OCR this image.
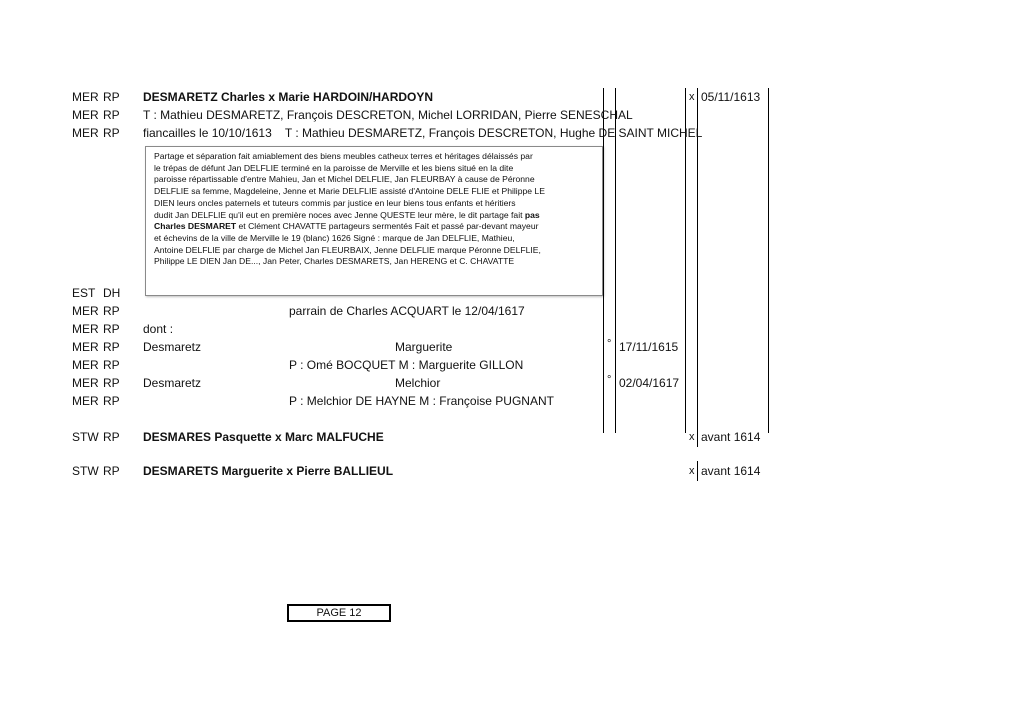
MER RP DESMARETZ Charles x Marie HARDOIN/HARDOYN	x 05/11/1613
MER RP T : Mathieu DESMARETZ, François DESCRETON, Michel LORRIDAN, Pierre SENESCHAL
MER RP fiancailles le 10/10/1613    T : Mathieu DESMARETZ, François DESCRETON, Hughe DE SAINT MICHEL
Partage et séparation fait amiablement des biens meubles catheux terres et héritages délaissés par
le trépas de défunt Jan DELFLIE terminé en la paroisse de Merville et les biens situé en la dite
paroisse répartissable d'entre Mahieu, Jan et Michel DELFLIE, Jan FLEURBAY à cause de Péronne
DELFLIE sa femme, Magdeleine, Jenne et Marie DELFLIE assisté d'Antoine DELE FLIE et Philippe LE
DIEN leurs oncles paternels et tuteurs commis par justice en leur biens tous enfants et héritiers
dudit Jan DELFLIE qu'il eut en première noces avec Jenne QUESTE leur mère, le dit partage fait pas
Charles DESMARET et Clément CHAVATTE partageurs sermentés Fait et passé par-devant mayeur
et échevins de la ville de Merville le 19 (blanc) 1626 Signé : marque de Jan DELFLIE, Mathieu,
Antoine DELFLIE par charge de Michel Jan FLEURBAIX, Jenne DELFLIE marque Péronne DELFLIE,
Philippe LE DIEN Jan DE..., Jan Peter, Charles DESMARETS, Jan HERENG et C. CHAVATTE
EST DH
MER RP	parrain de Charles ACQUART le 12/04/1617
MER RP dont :
MER RP Desmaretz	Marguerite	° 17/11/1615
MER RP	P : Omé BOCQUET M : Marguerite GILLON
MER RP Desmaretz	Melchior	° 02/04/1617
MER RP	P : Melchior DE HAYNE M : Françoise PUGNANT
STW RP DESMARES Pasquette x Marc MALFUCHE	x avant 1614
STW RP DESMARETS Marguerite x Pierre BALLIEUL	x avant 1614
PAGE 12
